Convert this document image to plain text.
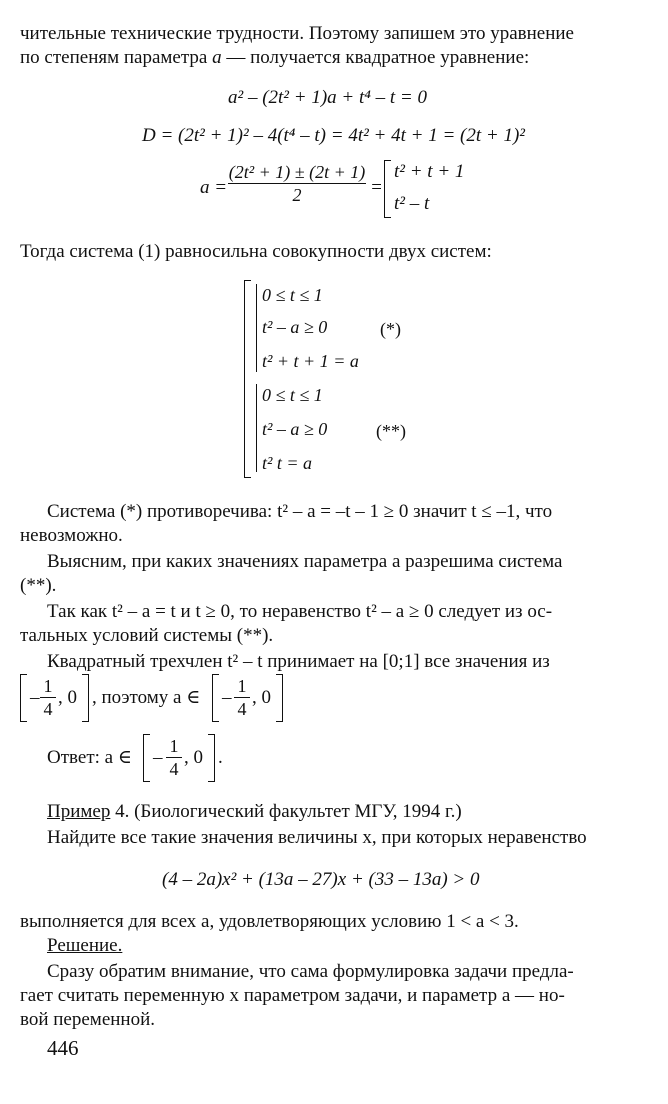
чительные технические трудности. Поэтому запишем это уравнение
по степеням параметра а — получается квадратное уравнение:
a² – (2t² + 1)a + t⁴ – t = 0
D = (2t² + 1)² – 4(t⁴ – t) = 4t² + 4t + 1 = (2t + 1)²
a =
(2t² + 1) ± (2t + 1)
2	=
t² + t + 1
t² – t
Тогда система (1) равносильна совокупности двух систем:
0 ≤ t ≤ 1
t² – a ≥ 0
t² + t + 1 = a
(*)
0 ≤ t ≤ 1
t² – a ≥ 0
t² t = a
(**)
Система (*) противоречива: t² – a = –t – 1 ≥ 0 значит t ≤ –1, что
невозможно.
Выясним, при каких значениях параметра a разрешима система
(**).
Так как t² – a = t и t ≥ 0, то неравенство t² – a ≥ 0 следует из ос-
тальных условий системы (**).
Квадратный трехчлен t² – t принимает на [0;1] все значения из
–
1
4
, 0 , поэтому a ∈ –
1
4
, 0
Ответ: a ∈ –
1
4
, 0 .
Пример 4. (Биологический факультет МГУ, 1994 г.)
Найдите все такие значения величины x, при которых неравенство
(4 – 2a)x² + (13a – 27)x + (33 – 13a) > 0
выполняется для всех a, удовлетворяющих условию 1 < a < 3.
Решение.
Сразу обратим внимание, что сама формулировка задачи предла-
гает считать переменную x параметром задачи, и параметр a — но-
вой переменной.
446
